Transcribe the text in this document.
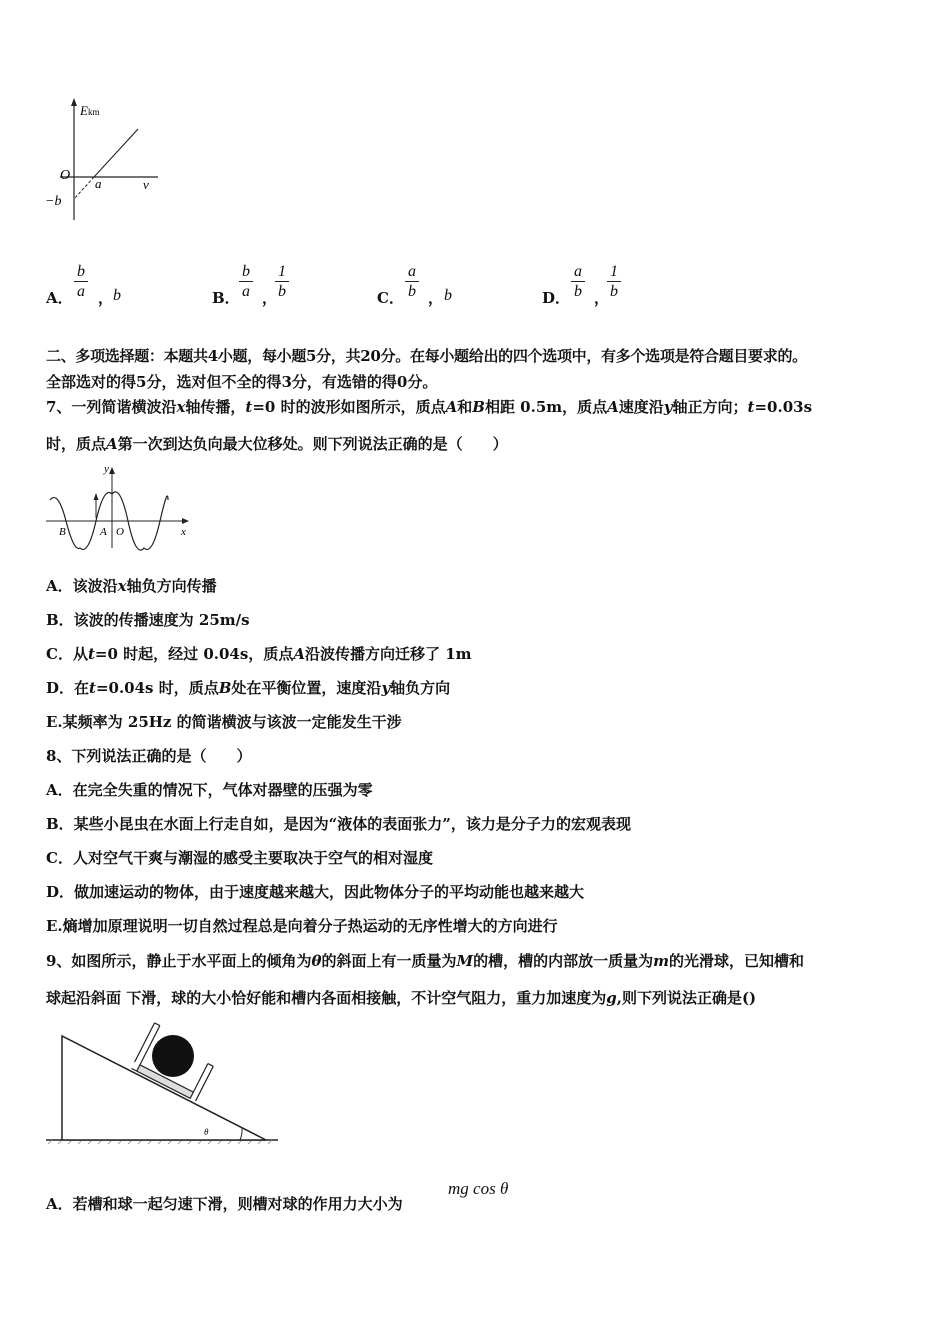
Ekm
O
a	v
−b
A． $\frac{b}{a}$ ， b	B． $\frac{b}{a}$ ，
$\frac{1}{b}$	C． $\frac{a}{b}$ ， b	D． $\frac{a}{b}$ ，
$\frac{1}{b}$
二、多项选择题：本题共4小题，每小题5分，共20分。在每小题给出的四个选项中，有多个选项是符合题目要求的。
全部选对的得5分，选对但不全的得3分，有选错的得0分。
7、一列简谐横波沿x轴传播，t=0 时的波形如图所示，质点A和B相距 0.5m，质点A速度沿y轴正方向；t=0.03s
时，质点A第一次到达负向最大位移处。则下列说法正确的是（　　）
y
x
B	A O
A．该波沿x轴负方向传播
B．该波的传播速度为 25m/s
C．从t=0 时起，经过 0.04s，质点A沿波传播方向迁移了 1m
D．在t=0.04s 时，质点B处在平衡位置，速度沿y轴负方向
E.某频率为 25Hz 的简谐横波与该波一定能发生干涉
8、下列说法正确的是（　　）
A．在完全失重的情况下，气体对器壁的压强为零
B．某些小昆虫在水面上行走自如，是因为“液体的表面张力”，该力是分子力的宏观表现
C．人对空气干爽与潮湿的感受主要取决于空气的相对湿度
D．做加速运动的物体，由于速度越来越大，因此物体分子的平均动能也越来越大
E.熵增加原理说明一切自然过程总是向着分子热运动的无序性增大的方向进行
9、如图所示，静止于水平面上的倾角为θ的斜面上有一质量为M的槽，槽的内部放一质量为m的光滑球，已知槽和
球起沿斜面 下滑，球的大小恰好能和槽内各面相接触，不计空气阻力，重力加速度为g,则下列说法正确是()
θ
A．若槽和球一起匀速下滑，则槽对球的作用力大小为
mg cos θ
